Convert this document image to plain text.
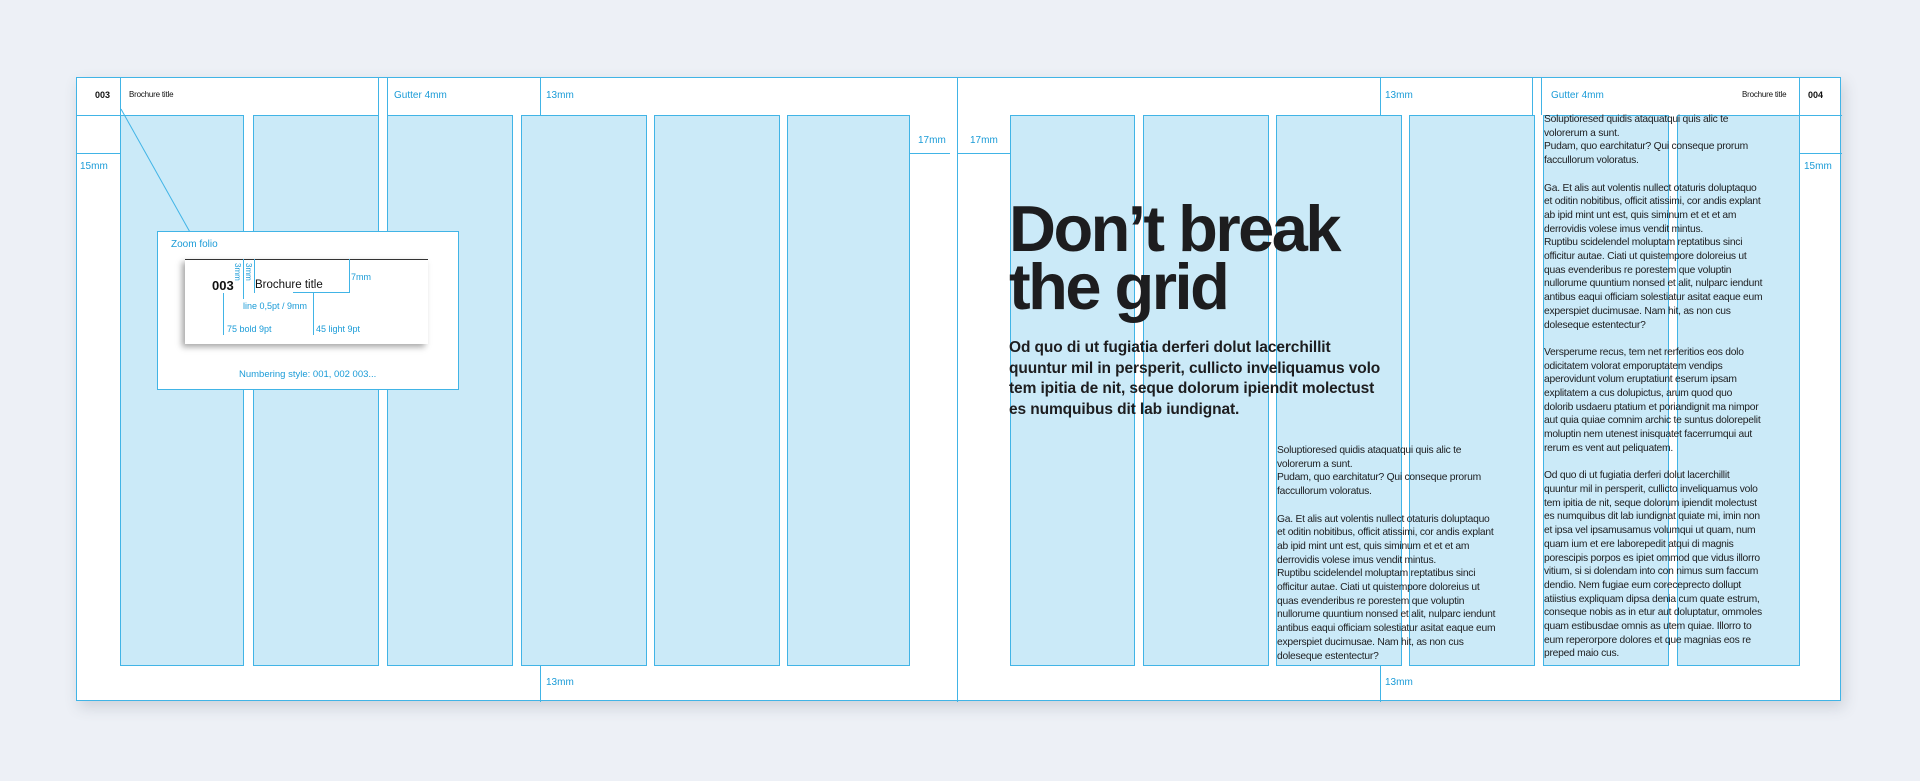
003 Brochure title	Gutter 4mm	13mm
15mm
17mm
13mm
Zoom folio
003 Brochure title
3mm 3mm	7mm
line 0,5pt / 9mm
75 bold 9pt	45 light 9pt
Numbering style: 001, 002 003...
17mm
13mm	Gutter 4mm	Brochure title 004
15mm
13mm
Don’t break
the grid
Od quo di ut fugiatia derferi dolut lacerchillit quuntur mil in persperit, cullicto inveliquamus volo tem ipitia de nit, seque dolorum ipiendit molectust es numquibus dit lab iundignat.
Soluptioresed quidis ataquatqui quis alic te
volorerum a sunt.
Pudam, quo earchitatur? Qui conseque prorum
faccullorum voloratus.

Ga. Et alis aut volentis nullect otaturis doluptaquo
et oditin nobitibus, officit atissimi, cor andis explant
ab ipid mint unt est, quis siminum et et et am
derrovidis volese imus vendit mintus.
Ruptibu scidelendel moluptam reptatibus sinci
officitur autae. Ciati ut quistempore doloreius ut
quas evenderibus re porestem que voluptin
nullorume quuntium nonsed et alit, nulparc iendunt
antibus eaqui officiam solestiatur asitat eaque eum
experspiet ducimusae. Nam hit, as non cus
doleseque estentectur?
Soluptioresed quidis ataquatqui quis alic te
volorerum a sunt.
Pudam, quo earchitatur? Qui conseque prorum
faccullorum voloratus.

Ga. Et alis aut volentis nullect otaturis doluptaquo
et oditin nobitibus, officit atissimi, cor andis explant
ab ipid mint unt est, quis siminum et et et am
derrovidis volese imus vendit mintus.
Ruptibu scidelendel moluptam reptatibus sinci
officitur autae. Ciati ut quistempore doloreius ut
quas evenderibus re porestem que voluptin
nullorume quuntium nonsed et alit, nulparc iendunt
antibus eaqui officiam solestiatur asitat eaque eum
experspiet ducimusae. Nam hit, as non cus
doleseque estentectur?

Versperume recus, tem net rerferitios eos dolo
odicitatem volorat emporuptatem vendips
aperovidunt volum eruptatiunt eserum ipsam
explitatem a cus dolupictus, arum quod quo
dolorib usdaeru ptatium et poriandignit ma nimpor
aut quia quiae comnim archic te suntus dolorepelit
moluptin nem utenest inisquatet facerrumqui aut
rerum es vent aut peliquatem.

Od quo di ut fugiatia derferi dolut lacerchillit
quuntur mil in persperit, cullicto inveliquamus volo
tem ipitia de nit, seque dolorum ipiendit molectust
es numquibus dit lab iundignat quiate mi, imin non
et ipsa vel ipsamusamus volumqui ut quam, num
quam ium et ere laborepedit atqui di magnis
porescipis porpos es ipiet ommod que vidus illorro
vitium, si si dolendam into con nimus sum faccum
dendio. Nem fugiae eum coreceprecto dollupt
atiistius expliquam dipsa denia cum quate estrum,
conseque nobis as in etur aut doluptatur, ommoles
quam estibusdae omnis as utem quiae. Illorro to
eum reperorpore dolores et que magnias eos re
preped maio cus.
